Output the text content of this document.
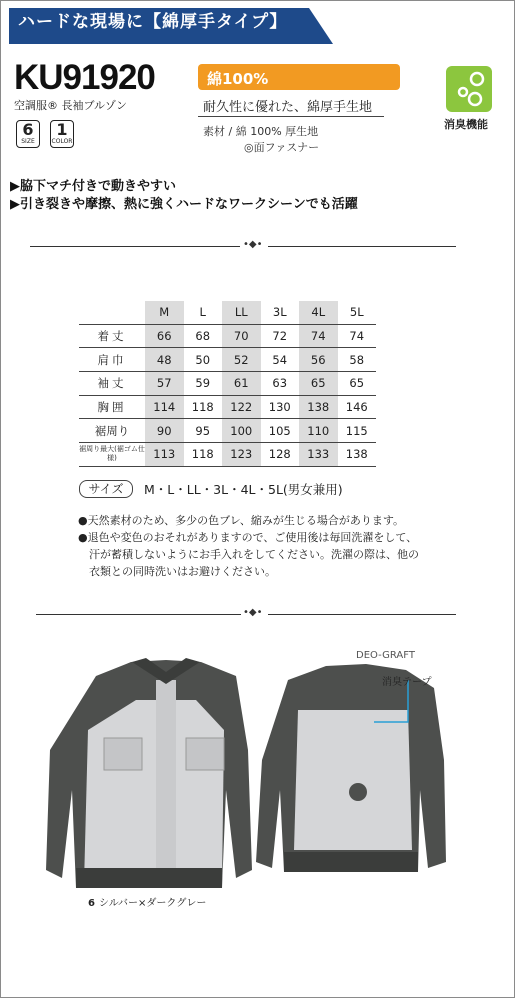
ハードな現場に【綿厚手タイプ】
KU91920
空調服® 長袖ブルゾン
6
SIZE
1
COLOR
綿100%
耐久性に優れた、綿厚手生地
素材 / 綿 100% 厚生地
◎面ファスナー
消臭機能
▶脇下マチ付きで動きやすい
▶引き裂きや摩擦、熱に強くハードなワークシーンでも活躍
•◆•
	M	L	LL	3L	4L	5L
着丈	66	68	70	72	74	74
肩巾	48	50	52	54	56	58
袖丈	57	59	61	63	65	65
胸囲	114	118	122	130	138	146
裾周り	90	95	100	105	110	115
裾周り最大(裾ゴム仕様)	113	118	123	128	133	138
サイズ	M・L・LL・3L・4L・5L(男女兼用)
●天然素材のため、多少の色ブレ、縮みが生じる場合があります。
●退色や変色のおそれがありますので、ご使用後は毎回洗濯をして、
汗が蓄積しないようにお手入れをしてください。洗濯の際は、他の
衣類との同時洗いはお避けください。
•◆•
DEO-GRAFT
消臭テープ
6 シルバー×ダークグレー
